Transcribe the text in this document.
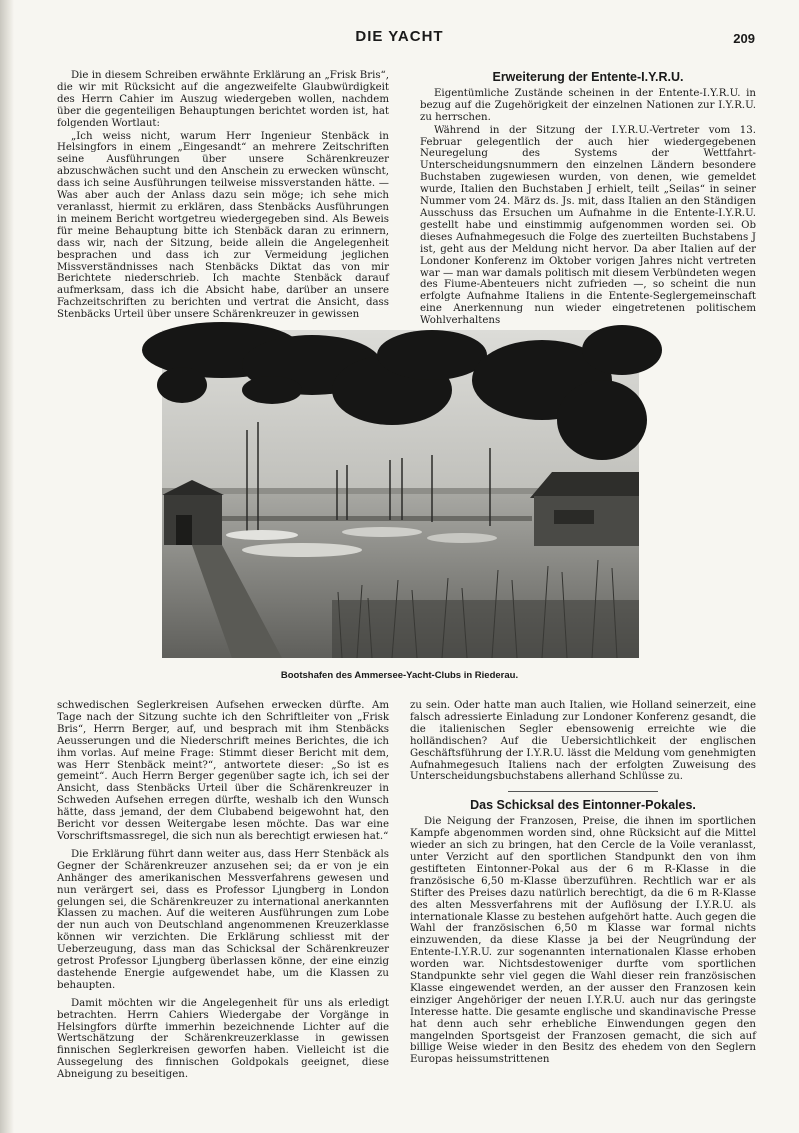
DIE YACHT	209

Die in diesem Schreiben erwähnte Erklärung an „Frisk Bris“, die wir mit Rücksicht auf die angezweifelte Glaubwürdigkeit des Herrn Cahier im Auszug wiedergeben wollen, nachdem über die gegenteiligen Behauptungen berichtet worden ist, hat folgenden Wortlaut:

„Ich weiss nicht, warum Herr Ingenieur Stenbäck in Helsingfors in einem „Eingesandt“ an mehrere Zeitschriften seine Ausführungen über unsere Schärenkreuzer abzuschwächen sucht und den Anschein zu erwecken wünscht, dass ich seine Ausführungen teilweise missverstanden hätte. — Was aber auch der Anlass dazu sein möge; ich sehe mich veranlasst, hiermit zu erklären, dass Stenbäcks Ausführungen in meinem Bericht wortgetreu wiedergegeben sind. Als Beweis für meine Behauptung bitte ich Stenbäck daran zu erinnern, dass wir, nach der Sitzung, beide allein die Angelegenheit besprachen und dass ich zur Vermeidung jeglichen Missverständnisses nach Stenbäcks Diktat das von mir Berichtete niederschrieb. Ich machte Stenbäck darauf aufmerksam, dass ich die Absicht habe, darüber an unsere Fachzeitschriften zu berichten und vertrat die Ansicht, dass Stenbäcks Urteil über unsere Schärenkreuzer in gewissen

Erweiterung der Entente-I.Y.R.U.

Eigentümliche Zustände scheinen in der Entente-I.Y.R.U. in bezug auf die Zugehörigkeit der einzelnen Nationen zur I.Y.R.U. zu herrschen.

Während in der Sitzung der I.Y.R.U.-Vertreter vom 13. Februar gelegentlich der auch hier wiedergegebenen Neuregelung des Systems der Wettfahrt-Unterscheidungsnummern den einzelnen Ländern besondere Buchstaben zugewiesen wurden, von denen, wie gemeldet wurde, Italien den Buchstaben J erhielt, teilt „Seilas“ in seiner Nummer vom 24. März ds. Js. mit, dass Italien an den Ständigen Ausschuss das Ersuchen um Aufnahme in die Entente-I.Y.R.U. gestellt habe und einstimmig aufgenommen worden sei. Ob dieses Aufnahmegesuch die Folge des zuerteilten Buchstabens J ist, geht aus der Meldung nicht hervor. Da aber Italien auf der Londoner Konferenz im Oktober vorigen Jahres nicht vertreten war — man war damals politisch mit diesem Verbündeten wegen des Fiume-Abenteuers nicht zufrieden —, so scheint die nun erfolgte Aufnahme Italiens in die Entente-Seglergemeinschaft eine Anerkennung nun wieder eingetretenen politischem Wohlverhaltens

Bootshafen des Ammersee-Yacht-Clubs in Riederau.

schwedischen Seglerkreisen Aufsehen erwecken dürfte. Am Tage nach der Sitzung suchte ich den Schriftleiter von „Frisk Bris“, Herrn Berger, auf, und besprach mit ihm Stenbäcks Aeusserungen und die Niederschrift meines Berichtes, die ich ihm vorlas. Auf meine Frage: Stimmt dieser Bericht mit dem, was Herr Stenbäck meint?“, antwortete dieser: „So ist es gemeint“. Auch Herrn Berger gegenüber sagte ich, ich sei der Ansicht, dass Stenbäcks Urteil über die Schärenkreuzer in Schweden Aufsehen erregen dürfte, weshalb ich den Wunsch hätte, dass jemand, der dem Clubabend beigewohnt hat, den Bericht vor dessen Weitergabe lesen möchte. Das war eine Vorschriftsmassregel, die sich nun als berechtigt erwiesen hat.“

Die Erklärung führt dann weiter aus, dass Herr Stenbäck als Gegner der Schärenkreuzer anzusehen sei; da er von je ein Anhänger des amerikanischen Messverfahrens gewesen und nun verärgert sei, dass es Professor Ljungberg in London gelungen sei, die Schärenkreuzer zu international anerkannten Klassen zu machen. Auf die weiteren Ausführungen zum Lobe der nun auch von Deutschland angenommenen Kreuzerklasse können wir verzichten. Die Erklärung schliesst mit der Ueberzeugung, dass man das Schicksal der Schärenkreuzer getrost Professor Ljungberg überlassen könne, der eine einzig dastehende Energie aufgewendet habe, um die Klassen zu behaupten.

Damit möchten wir die Angelegenheit für uns als erledigt betrachten. Herrn Cahiers Wiedergabe der Vorgänge in Helsingfors dürfte immerhin bezeichnende Lichter auf die Wertschätzung der Schärenkreuzerklasse in gewissen finnischen Seglerkreisen geworfen haben. Vielleicht ist die Aussegelung des finnischen Goldpokals geeignet, diese Abneigung zu beseitigen.

zu sein. Oder hatte man auch Italien, wie Holland seinerzeit, eine falsch adressierte Einladung zur Londoner Konferenz gesandt, die die italienischen Segler ebensowenig erreichte wie die holländischen? Auf die Uebersichtlichkeit der englischen Geschäftsführung der I.Y.R.U. lässt die Meldung vom genehmigten Aufnahmegesuch Italiens nach der erfolgten Zuweisung des Unterscheidungsbuchstabens allerhand Schlüsse zu.

Das Schicksal des Eintonner-Pokales.

Die Neigung der Franzosen, Preise, die ihnen im sportlichen Kampfe abgenommen worden sind, ohne Rücksicht auf die Mittel wieder an sich zu bringen, hat den Cercle de la Voile veranlasst, unter Verzicht auf den sportlichen Standpunkt den von ihm gestifteten Eintonner-Pokal aus der 6 m R-Klasse in die französische 6,50 m-Klasse überzuführen. Rechtlich war er als Stifter des Preises dazu natürlich berechtigt, da die 6 m R-Klasse des alten Messverfahrens mit der Auflösung der I.Y.R.U. als internationale Klasse zu bestehen aufgehört hatte. Auch gegen die Wahl der französischen 6,50 m Klasse war formal nichts einzuwenden, da diese Klasse ja bei der Neugründung der Entente-I.Y.R.U. zur sogenannten internationalen Klasse erhoben worden war. Nichtsdestoweniger durfte vom sportlichen Standpunkte sehr viel gegen die Wahl dieser rein französischen Klasse eingewendet werden, an der ausser den Franzosen kein einziger Angehöriger der neuen I.Y.R.U. auch nur das geringste Interesse hatte. Die gesamte englische und skandinavische Presse hat denn auch sehr erhebliche Einwendungen gegen den mangelnden Sportsgeist der Franzosen gemacht, die sich auf billige Weise wieder in den Besitz des ehedem von den Seglern Europas heissumstrittenen
